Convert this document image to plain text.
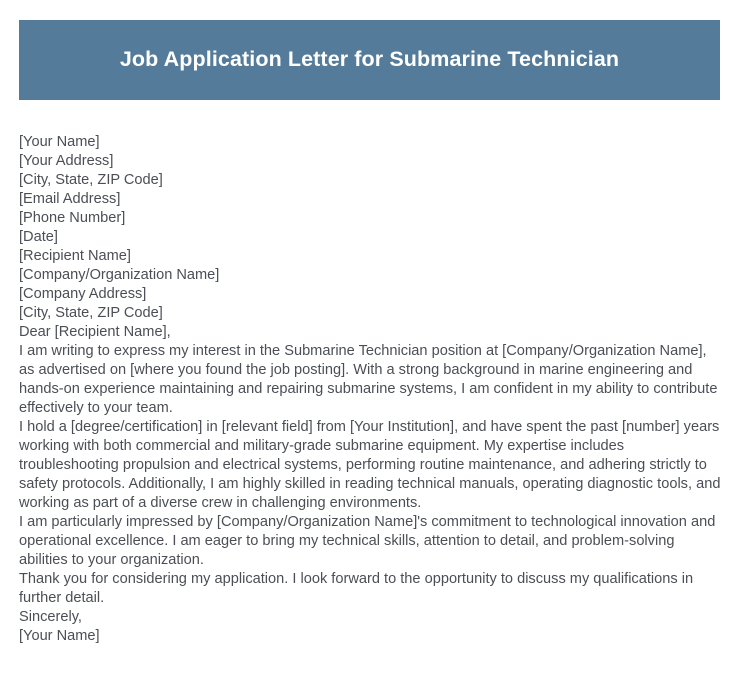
Job Application Letter for Submarine Technician

[Your Name]

[Your Address]

[City, State, ZIP Code]

[Email Address]

[Phone Number]

[Date]

[Recipient Name]

[Company/Organization Name]

[Company Address]

[City, State, ZIP Code]

Dear [Recipient Name],

I am writing to express my interest in the Submarine Technician position at [Company/Organization Name], as advertised on [where you found the job posting]. With a strong background in marine engineering and hands-on experience maintaining and repairing submarine systems, I am confident in my ability to contribute effectively to your team.

I hold a [degree/certification] in [relevant field] from [Your Institution], and have spent the past [number] years working with both commercial and military-grade submarine equipment. My expertise includes troubleshooting propulsion and electrical systems, performing routine maintenance, and adhering strictly to safety protocols. Additionally, I am highly skilled in reading technical manuals, operating diagnostic tools, and working as part of a diverse crew in challenging environments.

I am particularly impressed by [Company/Organization Name]'s commitment to technological innovation and operational excellence. I am eager to bring my technical skills, attention to detail, and problem-solving abilities to your organization.

Thank you for considering my application. I look forward to the opportunity to discuss my qualifications in further detail.

Sincerely,

[Your Name]
